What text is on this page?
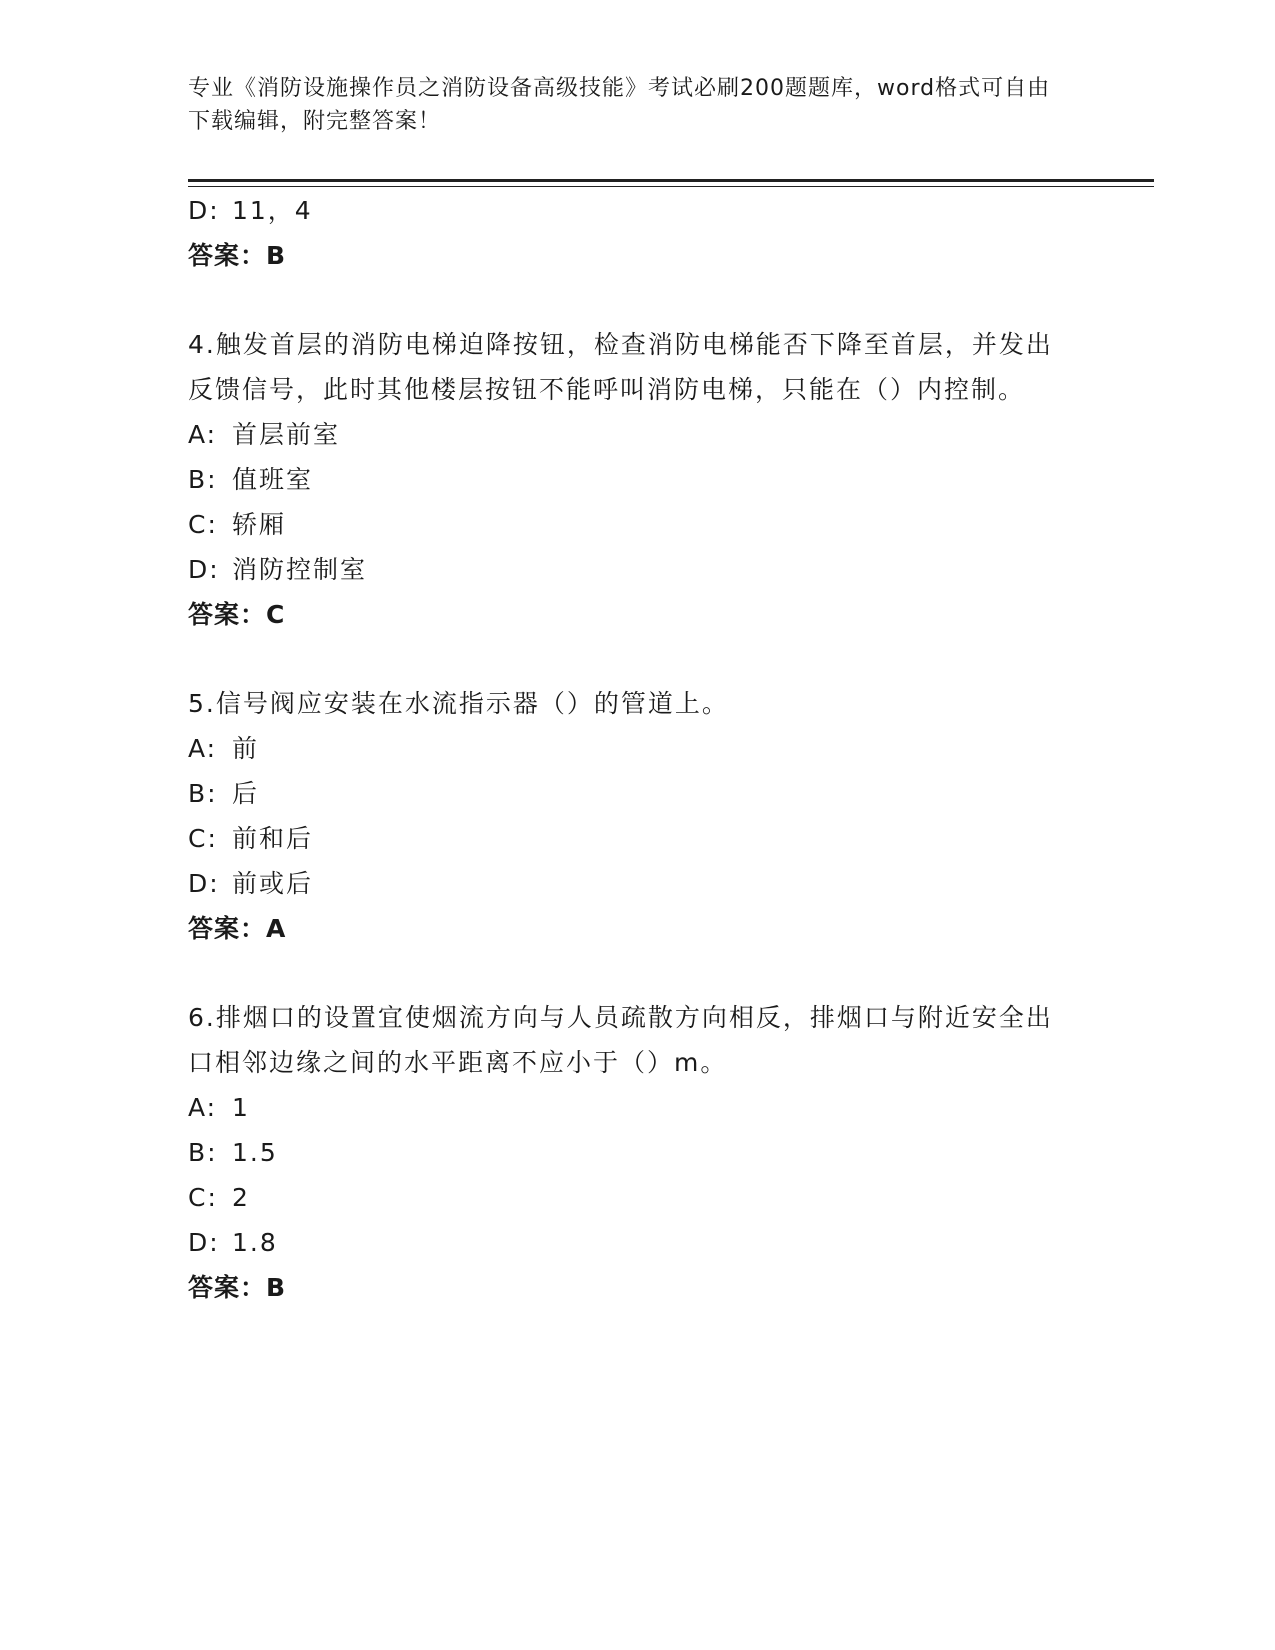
专业《消防设施操作员之消防设备高级技能》考试必刷200题题库，word格式可自由下载编辑，附完整答案！
D: 11，4
答案：B
4.触发首层的消防电梯迫降按钮，检查消防电梯能否下降至首层，并发出反馈信号，此时其他楼层按钮不能呼叫消防电梯，只能在（）内控制。
A: 首层前室
B: 值班室
C: 轿厢
D: 消防控制室
答案：C
5.信号阀应安装在水流指示器（）的管道上。
A: 前
B: 后
C: 前和后
D: 前或后
答案：A
6.排烟口的设置宜使烟流方向与人员疏散方向相反，排烟口与附近安全出口相邻边缘之间的水平距离不应小于（）m。
A: 1
B: 1.5
C: 2
D: 1.8
答案：B
